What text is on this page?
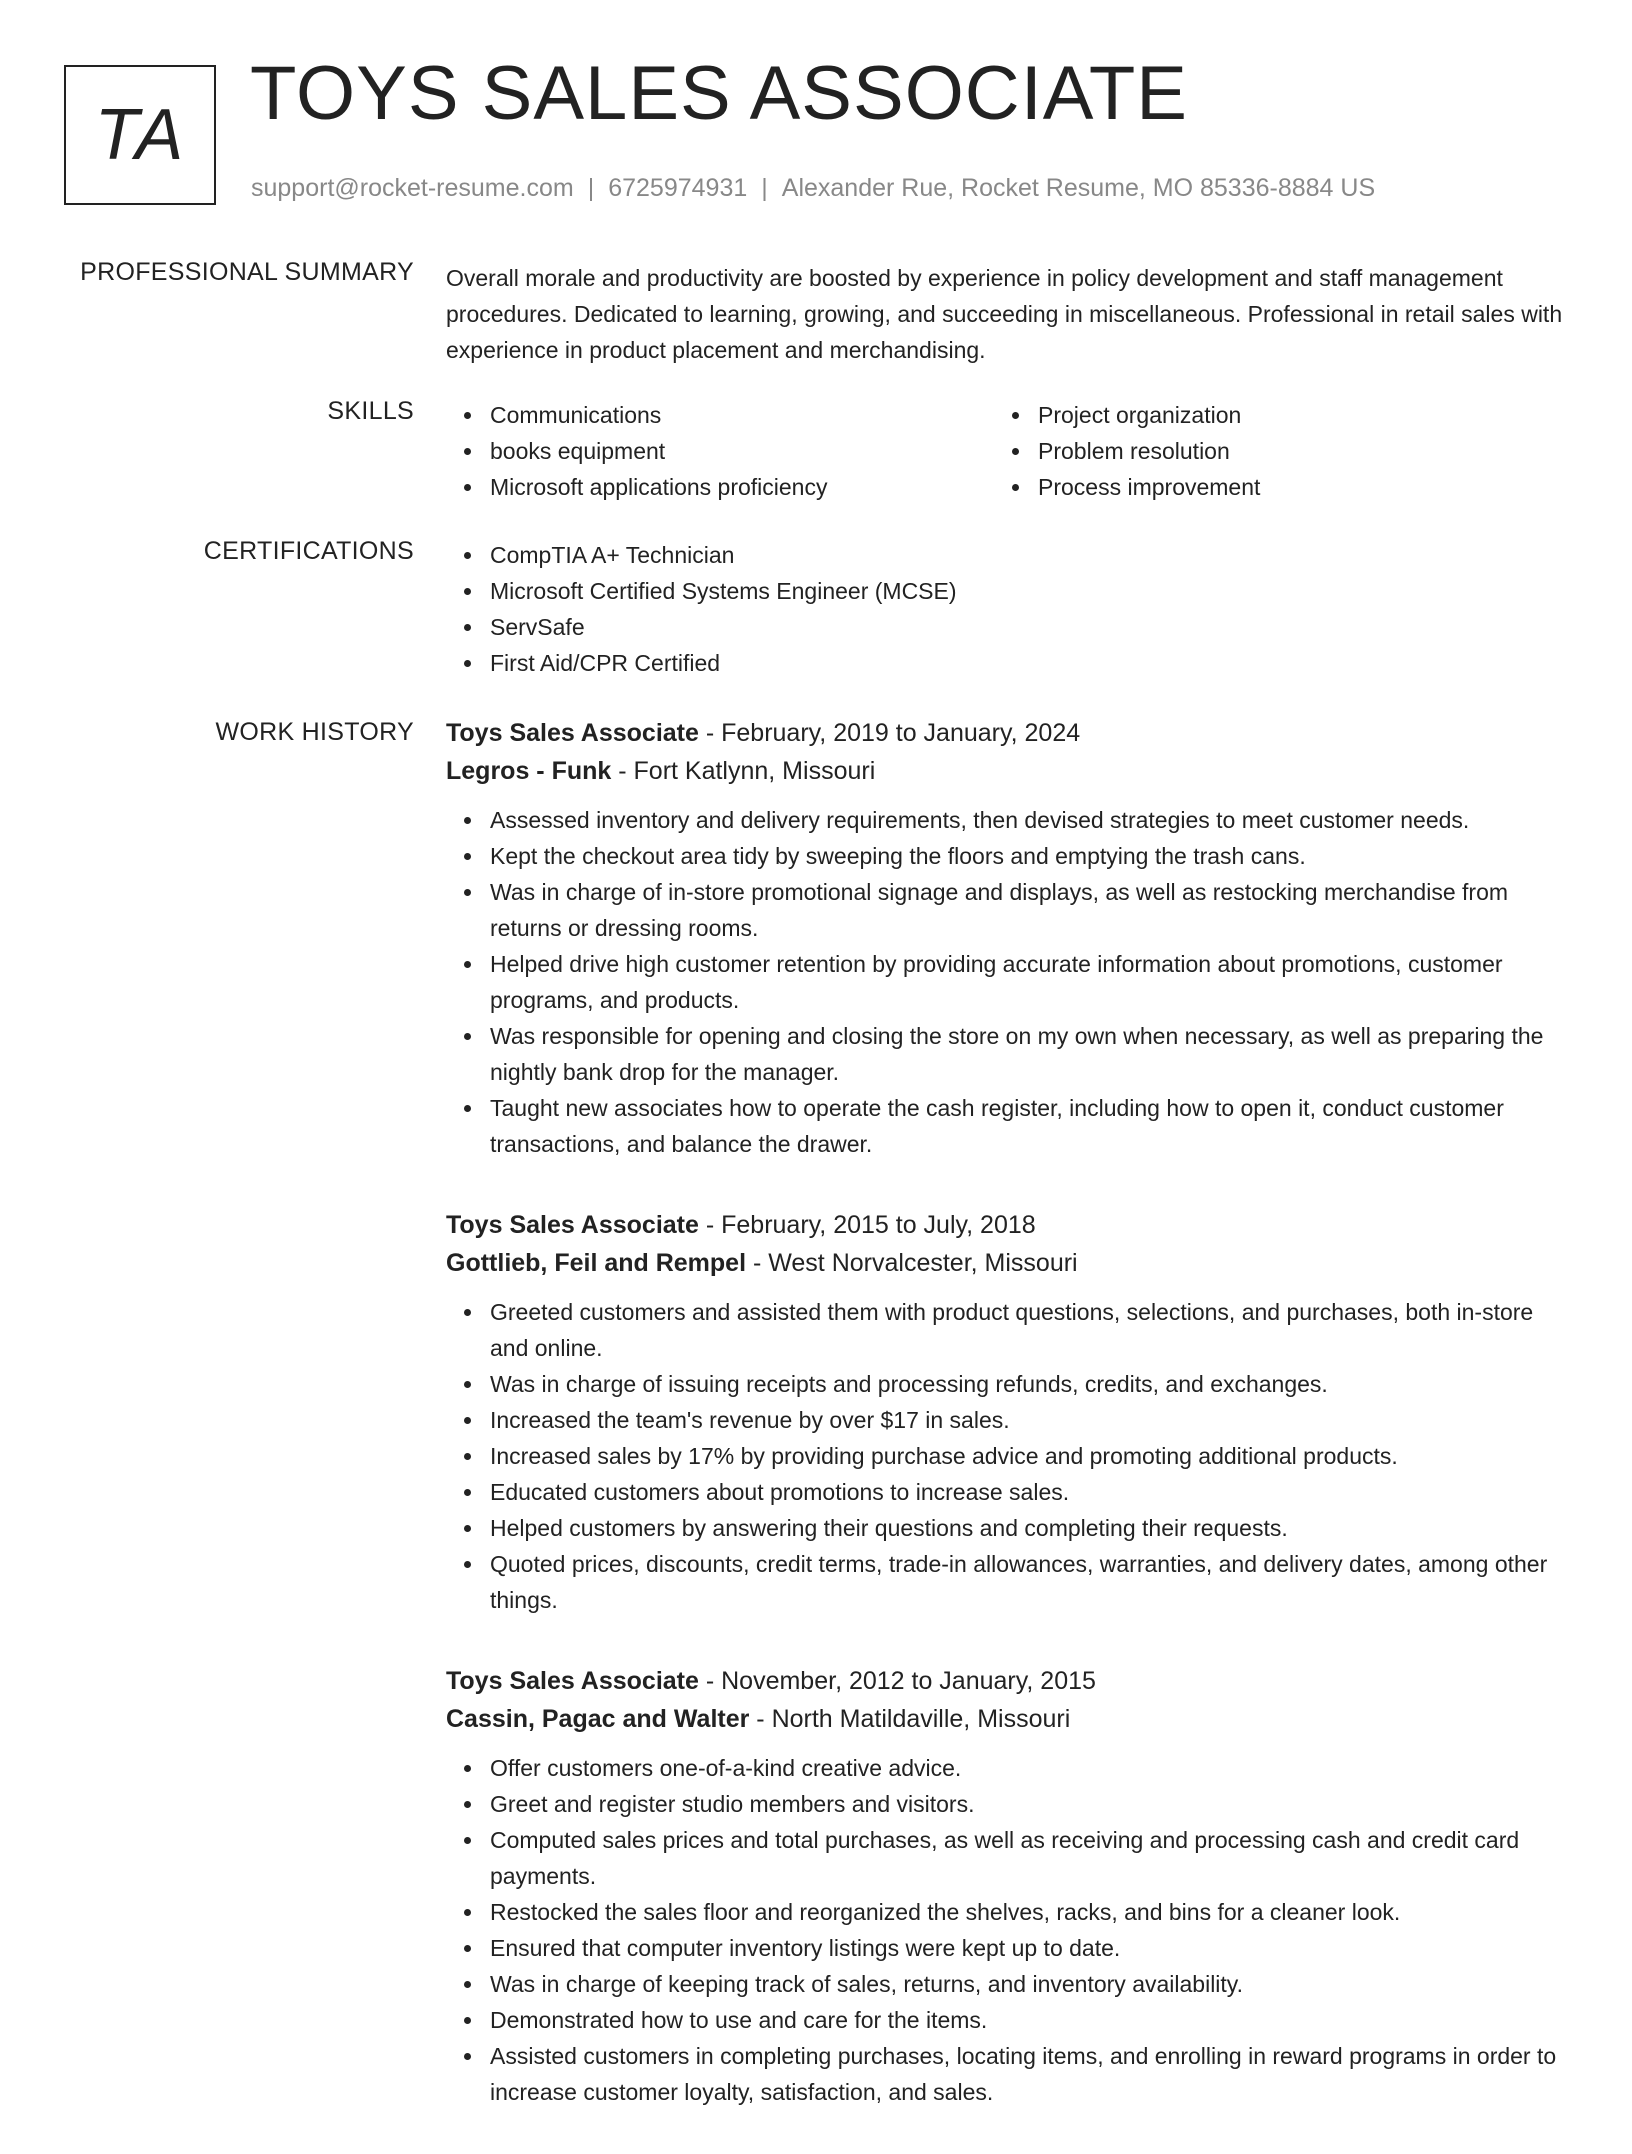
TA TOYS SALES ASSOCIATE
support@rocket-resume.com | 6725974931 | Alexander Rue, Rocket Resume, MO 85336-8884 US
PROFESSIONAL SUMMARY Overall morale and productivity are boosted by experience in policy development and staff management procedures. Dedicated to learning, growing, and succeeding in miscellaneous. Professional in retail sales with experience in product placement and merchandising.

SKILLS	Communications
books equipment
Microsoft applications proficiency
Project organization
Problem resolution
Process improvement
CERTIFICATIONS	CompTIA A+ Technician
Microsoft Certified Systems Engineer (MCSE)
ServSafe
First Aid/CPR Certified
WORK HISTORY Toys Sales Associate - February, 2019 to January, 2024
Legros - Funk - Fort Katlynn, Missouri
Assessed inventory and delivery requirements, then devised strategies to meet customer needs.
Kept the checkout area tidy by sweeping the floors and emptying the trash cans.
Was in charge of in-store promotional signage and displays, as well as restocking merchandise from returns or dressing rooms.
Helped drive high customer retention by providing accurate information about promotions, customer programs, and products.
Was responsible for opening and closing the store on my own when necessary, as well as preparing the nightly bank drop for the manager.
Taught new associates how to operate the cash register, including how to open it, conduct customer transactions, and balance the drawer.
Toys Sales Associate - February, 2015 to July, 2018
Gottlieb, Feil and Rempel - West Norvalcester, Missouri
Greeted customers and assisted them with product questions, selections, and purchases, both in-store and online.
Was in charge of issuing receipts and processing refunds, credits, and exchanges.
Increased the team's revenue by over $17 in sales.
Increased sales by 17% by providing purchase advice and promoting additional products.
Educated customers about promotions to increase sales.
Helped customers by answering their questions and completing their requests.
Quoted prices, discounts, credit terms, trade-in allowances, warranties, and delivery dates, among other things.
Toys Sales Associate - November, 2012 to January, 2015
Cassin, Pagac and Walter - North Matildaville, Missouri
Offer customers one-of-a-kind creative advice.
Greet and register studio members and visitors.
Computed sales prices and total purchases, as well as receiving and processing cash and credit card payments.
Restocked the sales floor and reorganized the shelves, racks, and bins for a cleaner look.
Ensured that computer inventory listings were kept up to date.
Was in charge of keeping track of sales, returns, and inventory availability.
Demonstrated how to use and care for the items.
Assisted customers in completing purchases, locating items, and enrolling in reward programs in order to increase customer loyalty, satisfaction, and sales.
